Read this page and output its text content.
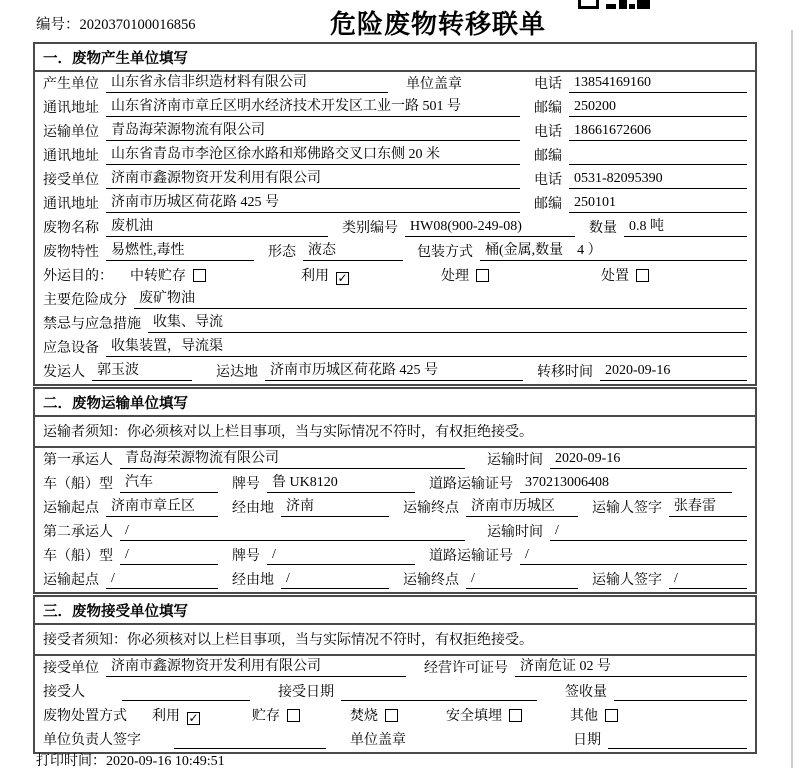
编号：2020370100016856	危险废物转移联单
一．废物产生单位填写
产生单位 山东省永信非织造材料有限公司	单位盖章	电话 13854169160
通讯地址 山东省济南市章丘区明水经济技术开发区工业一路 501 号	邮编 250200
运输单位 青岛海荣源物流有限公司	电话 18661672606
通讯地址 山东省青岛市李沧区徐水路和郑佛路交叉口东侧 20 米	邮编
接受单位 济南市鑫源物资开发利用有限公司	电话 0531-82095390
通讯地址 济南市历城区荷花路 425 号	邮编 250101
废物名称 废机油	类别编号 HW08(900-249-08)	数量 0.8 吨
废物特性 易燃性,毒性	形态 液态	包装方式 桶(金属,数量　4 ）
外运目的： 中转贮存	利用 ✓	处理	处置
主要危险成分 废矿物油
禁忌与应急措施 收集、导流
应急设备 收集装置，导流渠
发运人 郭玉波	运达地 济南市历城区荷花路 425 号	转移时间 2020-09-16
二．废物运输单位填写
运输者须知：你必须核对以上栏目事项，当与实际情况不符时，有权拒绝接受。
第一承运人 青岛海荣源物流有限公司	运输时间 2020-09-16
车（船）型 汽车	牌号 鲁 UK8120	道路运输证号 370213006408
运输起点 济南市章丘区	经由地 济南	运输终点 济南市历城区	运输人签字 张春雷
第二承运人 /	运输时间 /
车（船）型 /	牌号 /	道路运输证号 /
运输起点 /	经由地 /	运输终点 /	运输人签字 /
三．废物接受单位填写
接受者须知：你必须核对以上栏目事项，当与实际情况不符时，有权拒绝接受。
接受单位 济南市鑫源物资开发利用有限公司	经营许可证号 济南危证 02 号
接受人	接受日期	签收量
废物处置方式 利用 ✓	贮存	焚烧	安全填埋	其他
单位负责人签字	单位盖章	日期
打印时间：2020-09-16 10:49:51
